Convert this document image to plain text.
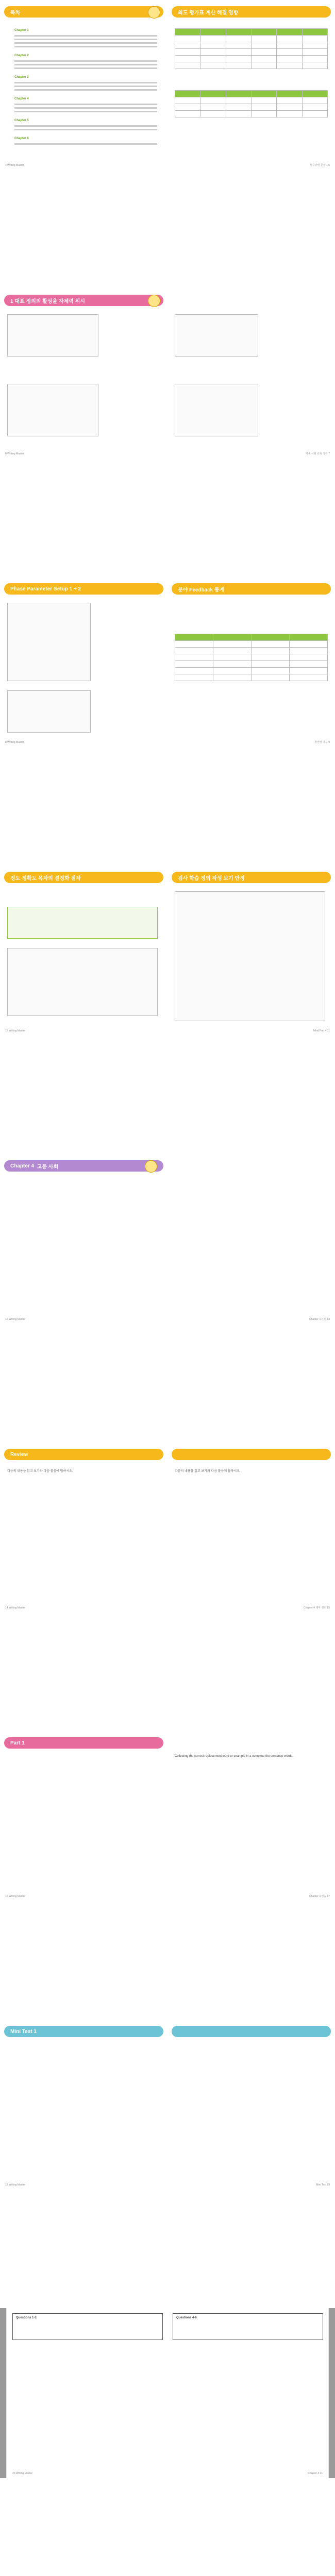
목차
Chapter 1
Chapter 2
Chapter 3
Chapter 4
Chapter 5
Chapter 6
4 Writing Master
최도 평가표 계산 해결 영향

필수관련 문장 1 5
1 대표 정의의 활성을 자체력 위시
6 Writing Master	각종 사회 교육 정리 7
Phase Parameter Setup 1 + 2
8 Writing Master
분야 Feedback 통계

장면별 대응 9
정도 정확도 목차의 결정화 절차
10 Writing Master
검사 학습 정의 작성 보기 안정
Mind Part 4 11
Chapter 4
고등 사회
12 Writing Master	Chapter 4 논술 13
Review
다음의 내용을 읽고 보기와 다음 물음에 답하시오.
14 Writing Master
다음의 내용을 읽고 보기와 다음 물음에 답하시오.
Chapter 4 테마 정리 15
Part 1
16 Writing Master
Collecting the correct replacement word or example in a complete the sentence words.
Chapter 4 연습 17
Mini Test 1
18 Writing Master	Mini Test 19
Questions 1-3
20 Writing Master
Questions 4-6
Chapter 4 21
